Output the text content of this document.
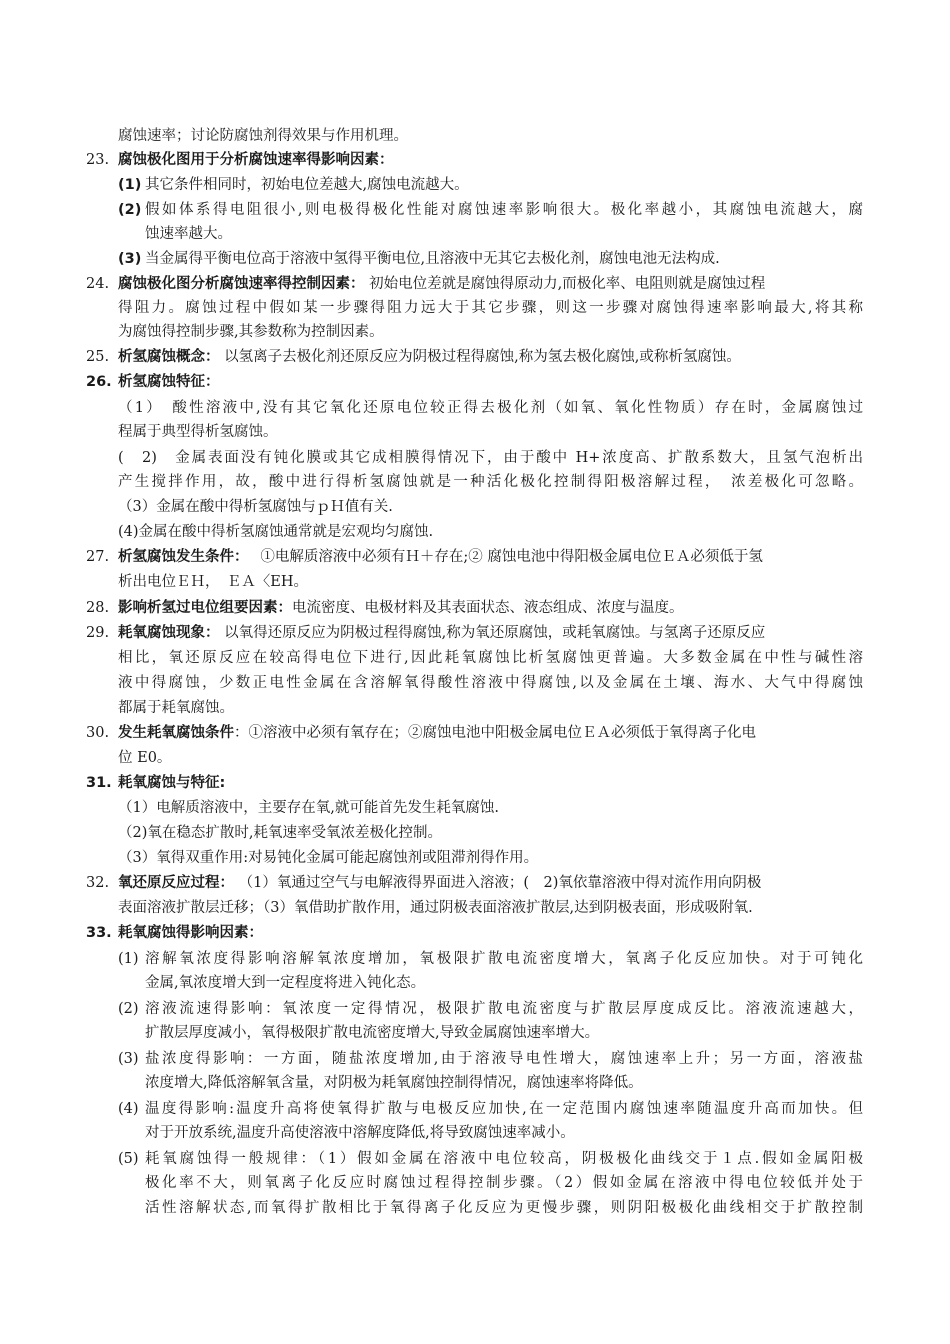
腐蚀速率；讨论防腐蚀剂得效果与作用机理。
23. 腐蚀极化图用于分析腐蚀速率得影响因素：
(1) 其它条件相同时，初始电位差越大,腐蚀电流越大。
(2) 假如体系得电阻很小,则电极得极化性能对腐蚀速率影响很大。极化率越小，其腐蚀电流越大，腐
蚀速率越大。
(3) 当金属得平衡电位高于溶液中氢得平衡电位,且溶液中无其它去极化剂，腐蚀电池无法构成.
24. 腐蚀极化图分析腐蚀速率得控制因素： 初始电位差就是腐蚀得原动力,而极化率、电阻则就是腐蚀过程
得阻力。腐蚀过程中假如某一步骤得阻力远大于其它步骤，则这一步骤对腐蚀得速率影响最大,将其称
为腐蚀得控制步骤,其参数称为控制因素。
25. 析氢腐蚀概念： 以氢离子去极化剂还原反应为阴极过程得腐蚀,称为氢去极化腐蚀,或称析氢腐蚀。
26. 析氢腐蚀特征：
（1）　酸性溶液中,没有其它氧化还原电位较正得去极化剂（如氧、氧化性物质）存在时，金属腐蚀过
程属于典型得析氢腐蚀。
(　2)　金属表面没有钝化膜或其它成相膜得情况下，由于酸中 H+浓度高、扩散系数大，且氢气泡析出
产生搅拌作用，故，酸中进行得析氢腐蚀就是一种活化极化控制得阳极溶解过程，　浓差极化可忽略。
（3）金属在酸中得析氢腐蚀与ｐＨ值有关.
(4)金属在酸中得析氢腐蚀通常就是宏观均匀腐蚀.
27. 析氢腐蚀发生条件：　 ①电解质溶液中必须有Ｈ＋存在;② 腐蚀电池中得阳极金属电位ＥＡ必须低于氢
析出电位ＥＨ，　ＥＡ〈EH。
28. 影响析氢过电位组要因素：电流密度、电极材料及其表面状态、液态组成、浓度与温度。
29. 耗氧腐蚀现象： 以氧得还原反应为阴极过程得腐蚀,称为氧还原腐蚀，或耗氧腐蚀。与氢离子还原反应
相比，氧还原反应在较高得电位下进行,因此耗氧腐蚀比析氢腐蚀更普遍。大多数金属在中性与碱性溶
液中得腐蚀，少数正电性金属在含溶解氧得酸性溶液中得腐蚀,以及金属在土壤、海水、大气中得腐蚀
都属于耗氧腐蚀。
30. 发生耗氧腐蚀条件：①溶液中必须有氧存在；②腐蚀电池中阳极金属电位ＥＡ必须低于氧得离子化电
位 E0。
31. 耗氧腐蚀与特征:
（1）电解质溶液中，主要存在氧,就可能首先发生耗氧腐蚀.
（2)氧在稳态扩散时,耗氧速率受氧浓差极化控制。
（3）氧得双重作用:对易钝化金属可能起腐蚀剂或阻滞剂得作用。
32. 氧还原反应过程： （1）氧通过空气与电解液得界面进入溶液；(　2)氧依靠溶液中得对流作用向阴极
表面溶液扩散层迁移；（3）氧借助扩散作用，通过阴极表面溶液扩散层,达到阴极表面，形成吸附氧.
33. 耗氧腐蚀得影响因素：
(1) 溶解氧浓度得影响溶解氧浓度增加，氧极限扩散电流密度增大，氧离子化反应加快。对于可钝化
金属,氧浓度增大到一定程度将进入钝化态。
(2) 溶液流速得影响：氧浓度一定得情况，极限扩散电流密度与扩散层厚度成反比。溶液流速越大，
扩散层厚度减小，氧得极限扩散电流密度增大,导致金属腐蚀速率增大。
(3) 盐浓度得影响：一方面，随盐浓度增加,由于溶液导电性增大，腐蚀速率上升；另一方面，溶液盐
浓度增大,降低溶解氧含量，对阴极为耗氧腐蚀控制得情况，腐蚀速率将降低。
(4) 温度得影响:温度升高将使氧得扩散与电极反应加快,在一定范围内腐蚀速率随温度升高而加快。但
对于开放系统,温度升高使溶液中溶解度降低,将导致腐蚀速率减小。
(5) 耗氧腐蚀得一般规律：（1）假如金属在溶液中电位较高，阴极极化曲线交于１点.假如金属阳极
极化率不大，则氧离子化反应时腐蚀过程得控制步骤。（2）假如金属在溶液中得电位较低并处于
活性溶解状态,而氧得扩散相比于氧得离子化反应为更慢步骤，则阴阳极极化曲线相交于扩散控制
